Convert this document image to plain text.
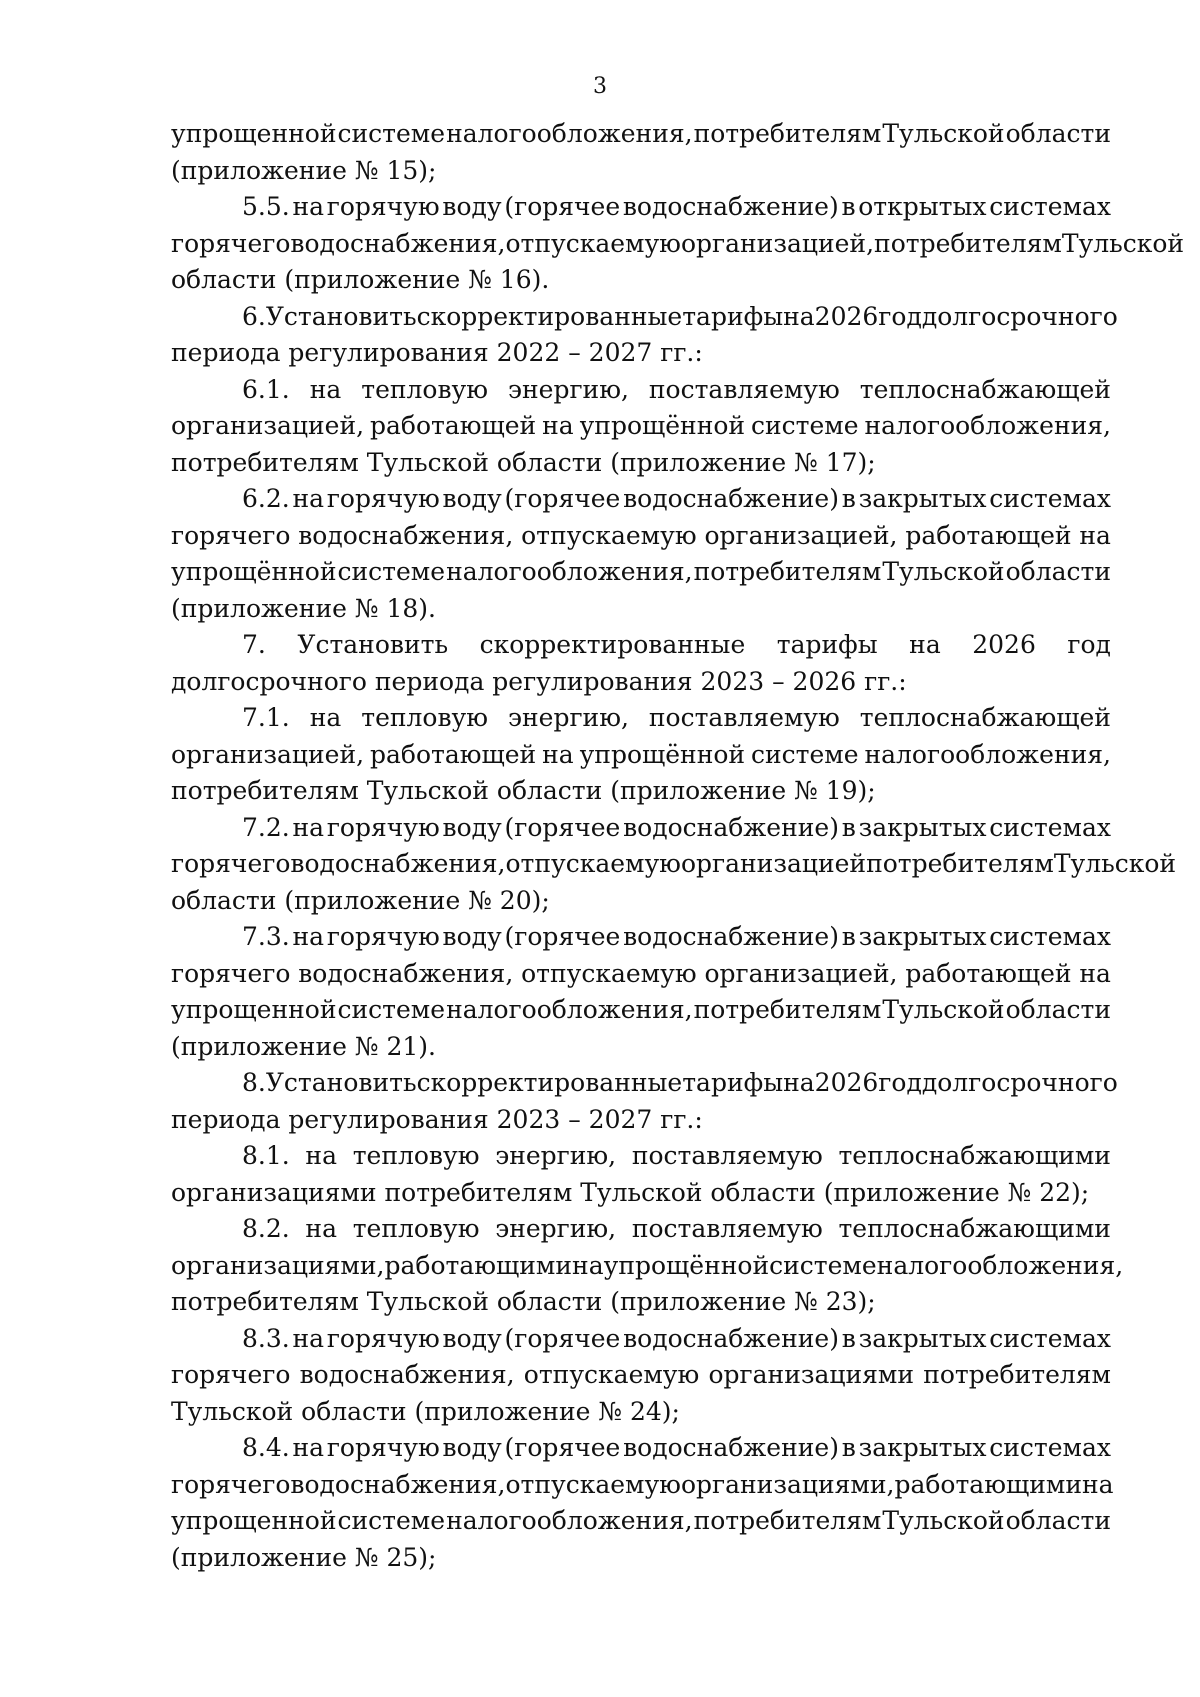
3
упрощенной системе налогообложения, потребителям Тульской области
(приложение № 15);
5.5. на горячую воду (горячее водоснабжение) в открытых системах
горячего водоснабжения, отпускаемую организацией, потребителям Тульской
области (приложение № 16).
6. Установить скорректированные тарифы на 2026 год долгосрочного
периода регулирования 2022 – 2027 гг.:
6.1. на тепловую энергию, поставляемую теплоснабжающей
организацией, работающей на упрощённой системе налогообложения,
потребителям Тульской области (приложение № 17);
6.2. на горячую воду (горячее водоснабжение) в закрытых системах
горячего водоснабжения, отпускаемую организацией, работающей на
упрощённой системе налогообложения, потребителям Тульской области
(приложение № 18).
7. Установить скорректированные тарифы на 2026 год
долгосрочного периода регулирования 2023 – 2026 гг.:
7.1. на тепловую энергию, поставляемую теплоснабжающей
организацией, работающей на упрощённой системе налогообложения,
потребителям Тульской области (приложение № 19);
7.2. на горячую воду (горячее водоснабжение) в закрытых системах
горячего водоснабжения, отпускаемую организацией потребителям Тульской
области (приложение № 20);
7.3. на горячую воду (горячее водоснабжение) в закрытых системах
горячего водоснабжения, отпускаемую организацией, работающей на
упрощенной системе налогообложения, потребителям Тульской области
(приложение № 21).
8. Установить скорректированные тарифы на 2026 год долгосрочного
периода регулирования 2023 – 2027 гг.:
8.1. на тепловую энергию, поставляемую теплоснабжающими
организациями потребителям Тульской области (приложение № 22);
8.2. на тепловую энергию, поставляемую теплоснабжающими
организациями, работающими на упрощённой системе налогообложения,
потребителям Тульской области (приложение № 23);
8.3. на горячую воду (горячее водоснабжение) в закрытых системах
горячего водоснабжения, отпускаемую организациями потребителям
Тульской области (приложение № 24);
8.4. на горячую воду (горячее водоснабжение) в закрытых системах
горячего водоснабжения, отпускаемую организациями, работающими на
упрощенной системе налогообложения, потребителям Тульской области
(приложение № 25);
